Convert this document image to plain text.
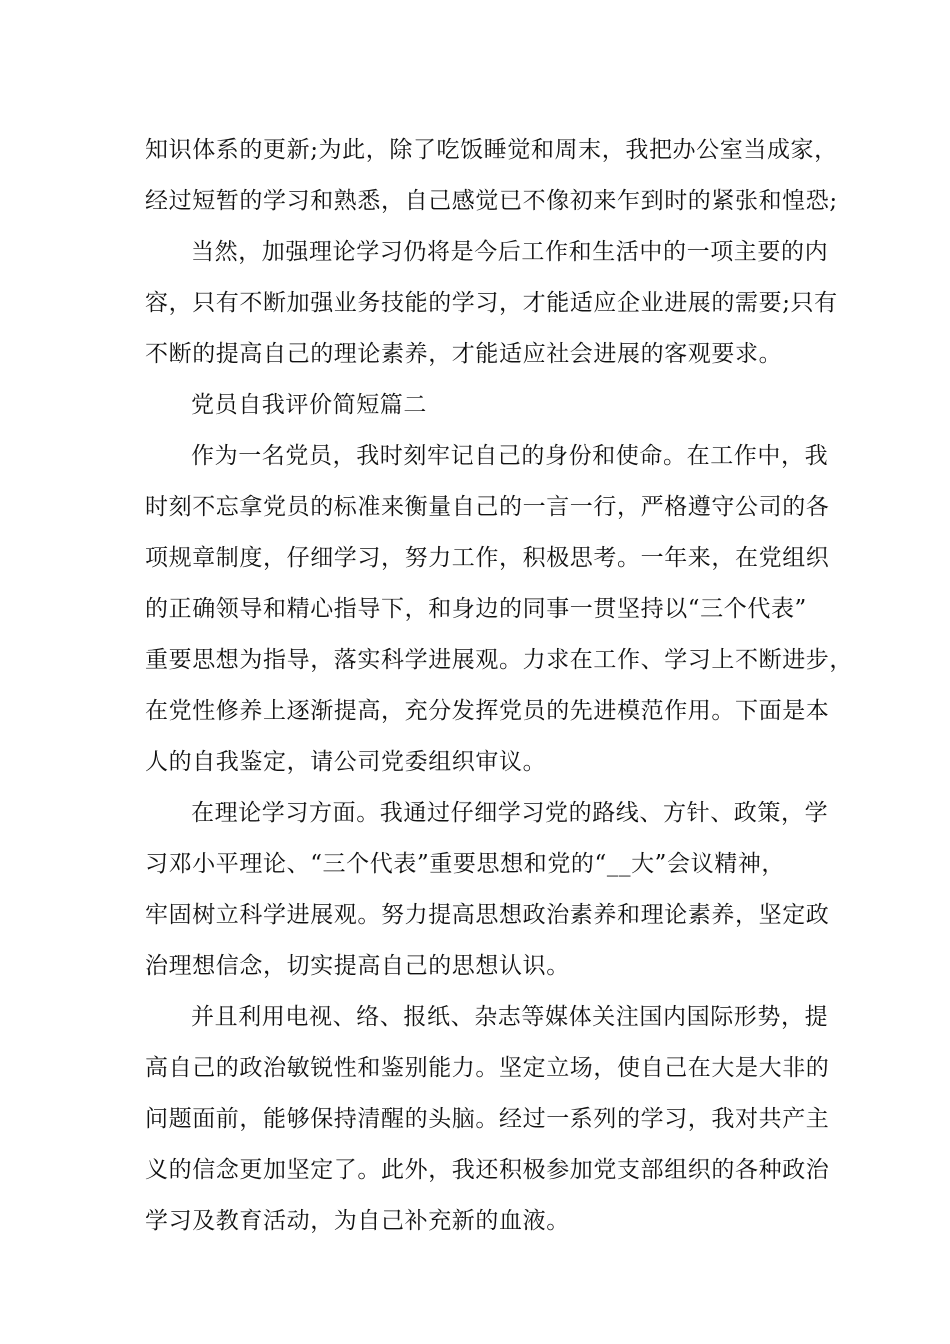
知识体系的更新;为此，除了吃饭睡觉和周末，我把办公室当成家，
经过短暂的学习和熟悉，自己感觉已不像初来乍到时的紧张和惶恐;
当然，加强理论学习仍将是今后工作和生活中的一项主要的内
容，只有不断加强业务技能的学习，才能适应企业进展的需要;只有
不断的提高自己的理论素养，才能适应社会进展的客观要求。
党员自我评价简短篇二
作为一名党员，我时刻牢记自己的身份和使命。在工作中，我
时刻不忘拿党员的标准来衡量自己的一言一行，严格遵守公司的各
项规章制度，仔细学习，努力工作，积极思考。一年来，在党组织
的正确领导和精心指导下，和身边的同事一贯坚持以“三个代表”
重要思想为指导，落实科学进展观。力求在工作、学习上不断进步，
在党性修养上逐渐提高，充分发挥党员的先进模范作用。下面是本
人的自我鉴定，请公司党委组织审议。
在理论学习方面。我通过仔细学习党的路线、方针、政策，学
习邓小平理论、“三个代表”重要思想和党的“__大”会议精神，
牢固树立科学进展观。努力提高思想政治素养和理论素养，坚定政
治理想信念，切实提高自己的思想认识。
并且利用电视、络、报纸、杂志等媒体关注国内国际形势，提
高自己的政治敏锐性和鉴别能力。坚定立场，使自己在大是大非的
问题面前，能够保持清醒的头脑。经过一系列的学习，我对共产主
义的信念更加坚定了。此外，我还积极参加党支部组织的各种政治
学习及教育活动，为自己补充新的血液。
